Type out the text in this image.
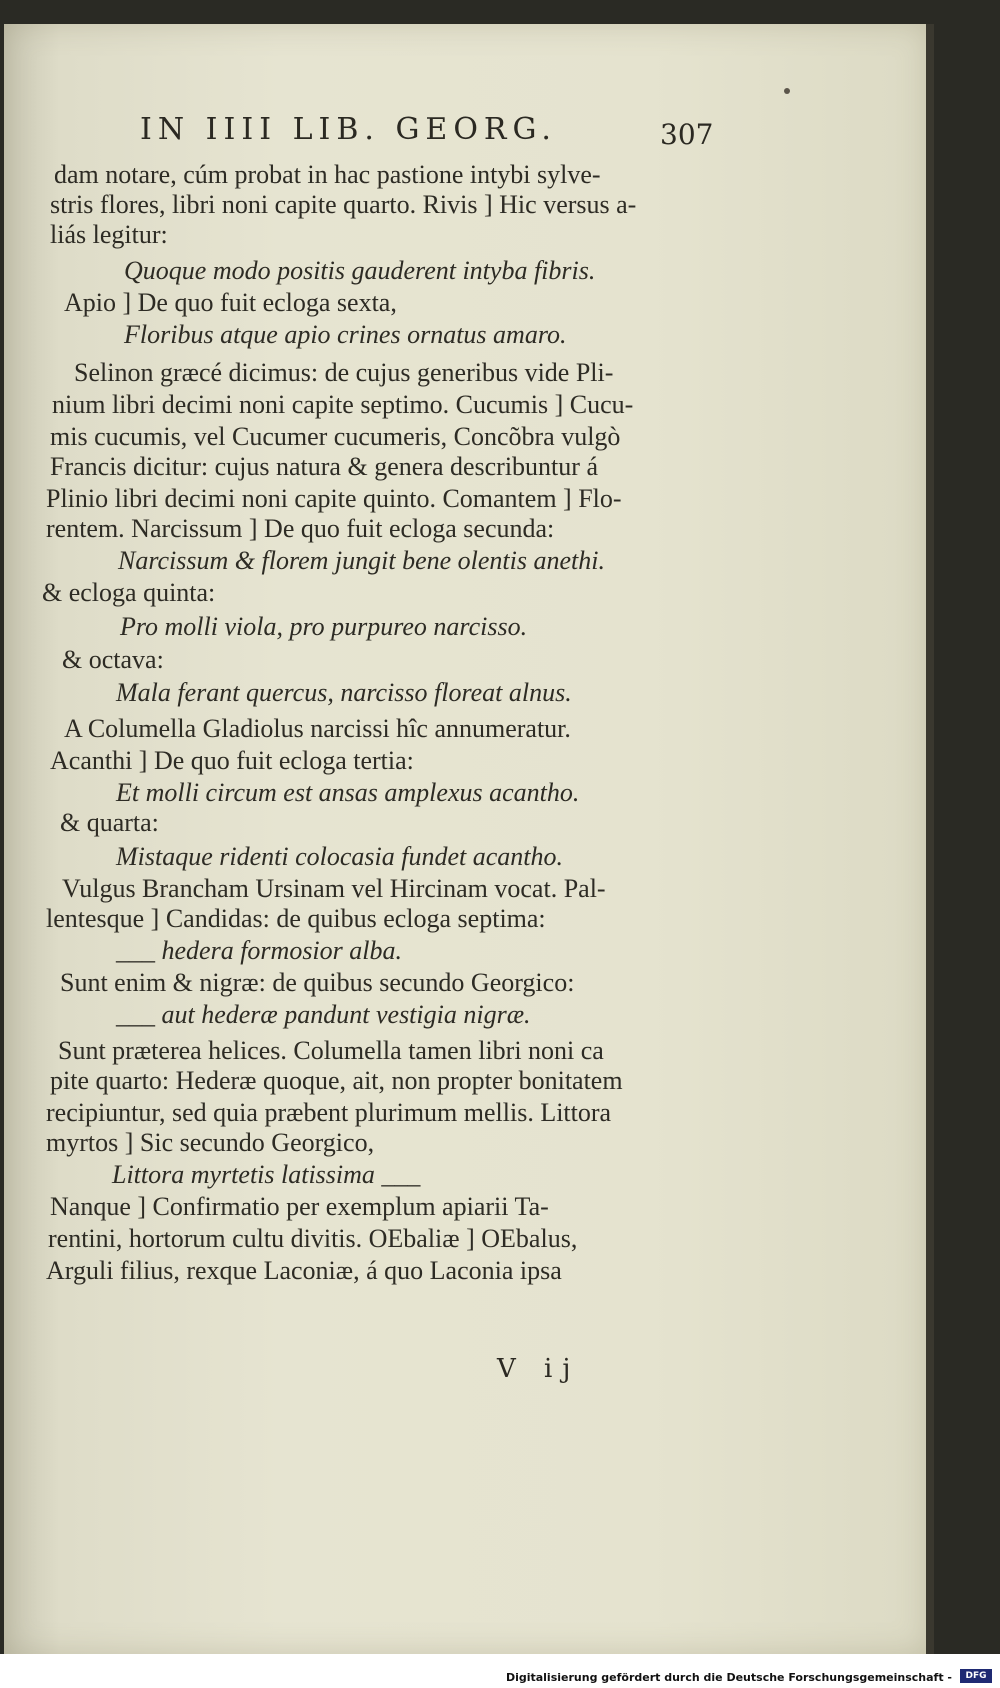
IN IIII LIB. GEORG.	307
dam notare, cúm probat in hac pastione intybi sylve-
stris flores, libri noni capite quarto. Rivis ] Hic versus a-
liás legitur:
Quoque modo positis gauderent intyba fibris.
Apio ] De quo fuit ecloga sexta,
Floribus atque apio crines ornatus amaro.
Selinon græcé dicimus: de cujus generibus vide Pli-
nium libri decimi noni capite septimo. Cucumis ] Cucu-
mis cucumis, vel Cucumer cucumeris, Concõbra vulgò
Francis dicitur: cujus natura & genera describuntur á
Plinio libri decimi noni capite quinto. Comantem ] Flo-
rentem. Narcissum ] De quo fuit ecloga secunda:
Narcissum & florem jungit bene olentis anethi.
& ecloga quinta:
Pro molli viola, pro purpureo narcisso.
& octava:
Mala ferant quercus, narcisso floreat alnus.
A Columella Gladiolus narcissi hîc annumeratur.
Acanthi ] De quo fuit ecloga tertia:
Et molli circum est ansas amplexus acantho.
& quarta:
Mistaque ridenti colocasia fundet acantho.
Vulgus Brancham Ursinam vel Hircinam vocat. Pal-
lentesque ] Candidas: de quibus ecloga septima:
___ hedera formosior alba.
Sunt enim & nigræ: de quibus secundo Georgico:
___ aut hederæ pandunt vestigia nigræ.
Sunt præterea helices. Columella tamen libri noni ca
pite quarto: Hederæ quoque, ait, non propter bonitatem
recipiuntur, sed quia præbent plurimum mellis. Littora
myrtos ] Sic secundo Georgico,
Littora myrtetis latissima ___
Nanque ] Confirmatio per exemplum apiarii Ta-
rentini, hortorum cultu divitis. OEbaliæ ] OEbalus,
Arguli filius, rexque Laconiæ, á quo Laconia ipsa
V ij
Digitalisierung gefördert durch die Deutsche Forschungsgemeinschaft -	DFG
